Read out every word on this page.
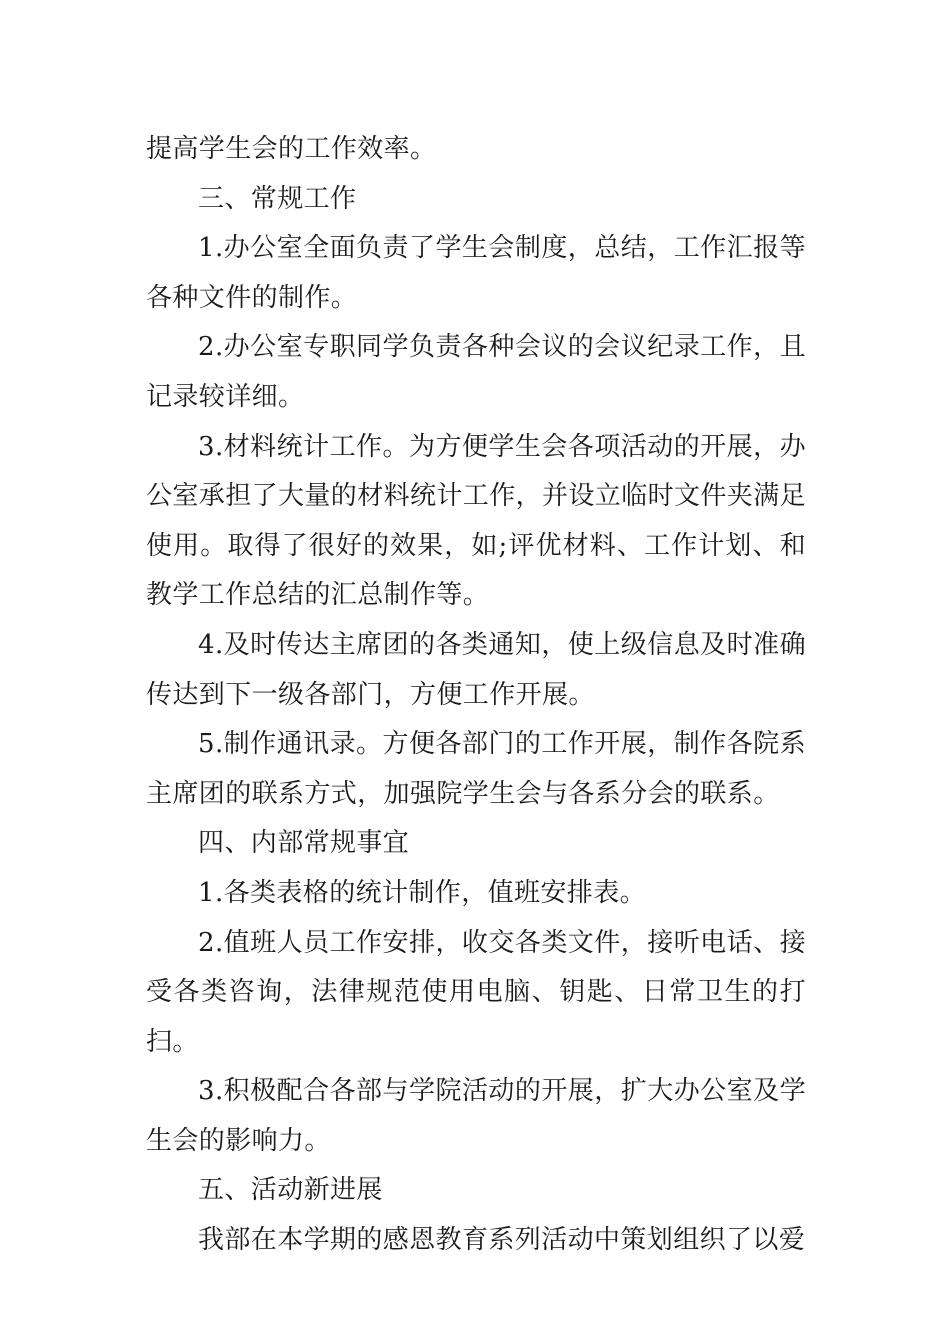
提高学生会的工作效率。

三、常规工作

1.办公室全面负责了学生会制度，总结，工作汇报等各种文件的制作。

2.办公室专职同学负责各种会议的会议纪录工作，且记录较详细。

3.材料统计工作。为方便学生会各项活动的开展，办公室承担了大量的材料统计工作，并设立临时文件夹满足使用。取得了很好的效果，如;评优材料、工作计划、和教学工作总结的汇总制作等。

4.及时传达主席团的各类通知，使上级信息及时准确传达到下一级各部门，方便工作开展。

5.制作通讯录。方便各部门的工作开展，制作各院系主席团的联系方式，加强院学生会与各系分会的联系。

四、内部常规事宜

1.各类表格的统计制作，值班安排表。

2.值班人员工作安排，收交各类文件，接听电话、接受各类咨询，法律规范使用电脑、钥匙、日常卫生的打扫。

3.积极配合各部与学院活动的开展，扩大办公室及学生会的影响力。

五、活动新进展

我部在本学期的感恩教育系列活动中策划组织了以爱
